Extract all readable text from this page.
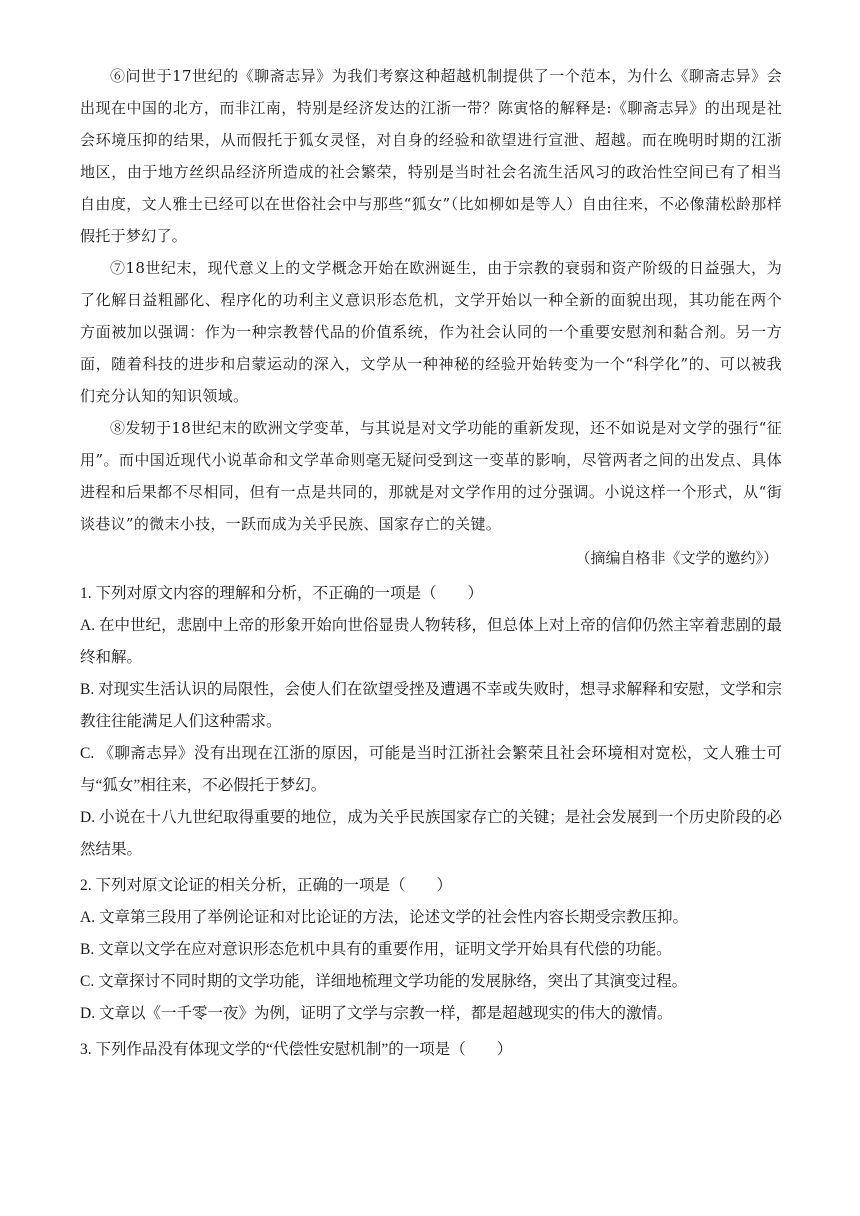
⑥问世于17世纪的《聊斋志异》为我们考察这种超越机制提供了一个范本，为什么《聊斋志异》会出现在中国的北方，而非江南，特别是经济发达的江浙一带？陈寅恪的解释是:《聊斋志异》的出现是社会环境压抑的结果，从而假托于狐女灵怪，对自身的经验和欲望进行宣泄、超越。而在晚明时期的江浙地区，由于地方丝织品经济所造成的社会繁荣，特别是当时社会名流生活风习的政治性空间已有了相当自由度，文人雅士已经可以在世俗社会中与那些“狐女”（比如柳如是等人）自由往来，不必像蒲松龄那样假托于梦幻了。

⑦18世纪末，现代意义上的文学概念开始在欧洲诞生，由于宗教的衰弱和资产阶级的日益强大，为了化解日益粗鄙化、程序化的功利主义意识形态危机，文学开始以一种全新的面貌出现，其功能在两个方面被加以强调：作为一种宗教替代品的价值系统，作为社会认同的一个重要安慰剂和黏合剂。另一方面，随着科技的进步和启蒙运动的深入，文学从一种神秘的经验开始转变为一个“科学化”的、可以被我们充分认知的知识领域。

⑧发轫于18世纪末的欧洲文学变革，与其说是对文学功能的重新发现，还不如说是对文学的强行“征用”。而中国近现代小说革命和文学革命则毫无疑问受到这一变革的影响，尽管两者之间的出发点、具体进程和后果都不尽相同，但有一点是共同的，那就是对文学作用的过分强调。小说这样一个形式，从“街谈巷议”的微末小技，一跃而成为关乎民族、国家存亡的关键。

（摘编自格非《文学的邀约》）

1. 下列对原文内容的理解和分析，不正确的一项是（　　）

A. 在中世纪，悲剧中上帝的形象开始向世俗显贵人物转移，但总体上对上帝的信仰仍然主宰着悲剧的最终和解。

B. 对现实生活认识的局限性，会使人们在欲望受挫及遭遇不幸或失败时，想寻求解释和安慰，文学和宗教往往能满足人们这种需求。

C. 《聊斋志异》没有出现在江浙的原因，可能是当时江浙社会繁荣且社会环境相对宽松，文人雅士可与“狐女”相往来，不必假托于梦幻。

D. 小说在十八九世纪取得重要的地位，成为关乎民族国家存亡的关键；是社会发展到一个历史阶段的必然结果。

2. 下列对原文论证的相关分析，正确的一项是（　　）

A. 文章第三段用了举例论证和对比论证的方法，论述文学的社会性内容长期受宗教压抑。

B. 文章以文学在应对意识形态危机中具有的重要作用，证明文学开始具有代偿的功能。

C. 文章探讨不同时期的文学功能，详细地梳理文学功能的发展脉络，突出了其演变过程。

D. 文章以《一千零一夜》为例，证明了文学与宗教一样，都是超越现实的伟大的激情。

3. 下列作品没有体现文学的“代偿性安慰机制”的一项是（　　）
